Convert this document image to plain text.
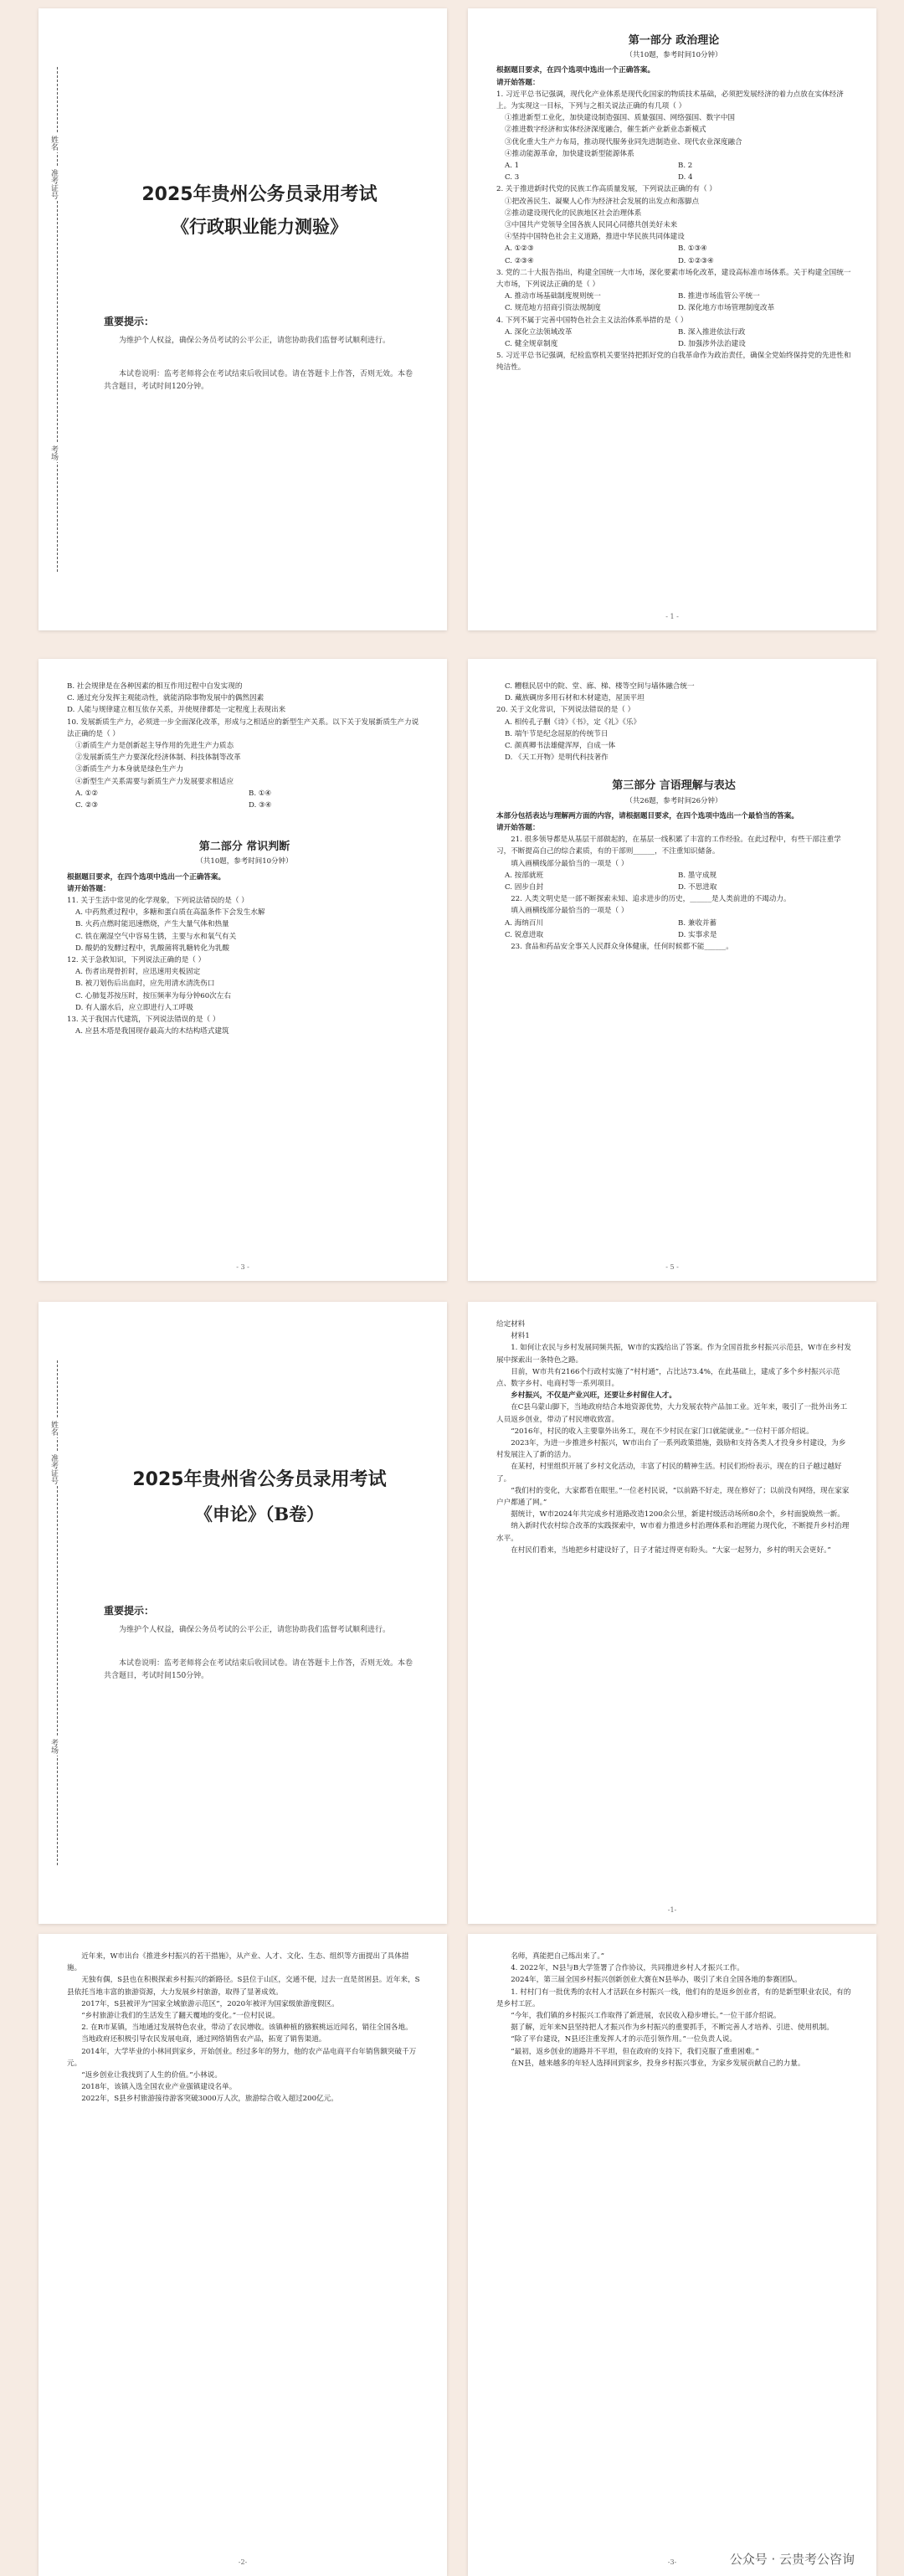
姓名
准考证号
考场
2025年贵州公务员录用考试
《行政职业能力测验》
重要提示：
为维护个人权益，确保公务员考试的公平公正，请您协助我们监督考试顺利进行。
本试卷说明：监考老师将会在考试结束后收回试卷。请在答题卡上作答，否则无效。本卷共含题目，考试时间120分钟。
第一部分 政治理论
（共10题，参考时间10分钟）

根据题目要求，在四个选项中选出一个正确答案。

请开始答题：

1. 习近平总书记强调，现代化产业体系是现代化国家的物质技术基础，必须把发展经济的着力点放在实体经济上。为实现这一目标，下列与之相关说法正确的有几项（ ）

①推进新型工业化，加快建设制造强国、质量强国、网络强国、数字中国

②推进数字经济和实体经济深度融合，催生新产业新业态新模式

③优化重大生产力布局，推动现代服务业同先进制造业、现代农业深度融合

④推动能源革命，加快建设新型能源体系

A. 1	B. 2
C. 3	D. 4

2. 关于推进新时代党的民族工作高质量发展，下列说法正确的有（ ）

①把改善民生、凝聚人心作为经济社会发展的出发点和落脚点

②推动建设现代化的民族地区社会治理体系

③中国共产党领导全国各族人民同心同德共创美好未来

④坚持中国特色社会主义道路，推进中华民族共同体建设

A. ①②③	B. ①③④
C. ②③④	D. ①②③④

3. 党的二十大报告指出，构建全国统一大市场，深化要素市场化改革，建设高标准市场体系。关于构建全国统一大市场，下列说法正确的是（ ）

A. 推动市场基础制度规则统一	B. 推进市场监管公平统一
C. 规范地方招商引资法规制度	D. 深化地方市场管理制度改革

4. 下列不属于完善中国特色社会主义法治体系举措的是（ ）

A. 深化立法领域改革	B. 深入推进依法行政
C. 健全规章制度	D. 加强涉外法治建设

5. 习近平总书记强调，纪检监察机关要坚持把抓好党的自我革命作为政治责任，确保全党始终保持党的先进性和纯洁性。

- 1 -

B. 社会规律是在各种因素的相互作用过程中自发实现的

C. 通过充分发挥主观能动性，就能消除事物发展中的偶然因素

D. 人能与规律建立相互依存关系，并使规律都是一定程度上表现出来

10. 发展新质生产力，必须进一步全面深化改革，形成与之相适应的新型生产关系。以下关于发展新质生产力说法正确的是（ ）

①新质生产力是创新起主导作用的先进生产力质态

②发展新质生产力要深化经济体制、科技体制等改革

③新质生产力本身就是绿色生产力

④新型生产关系需要与新质生产力发展要求相适应

A. ①②	B. ①④
C. ②③	D. ③④
第二部分 常识判断
（共10题，参考时间10分钟）

根据题目要求，在四个选项中选出一个正确答案。

请开始答题：

11. 关于生活中常见的化学现象，下列说法错误的是（ ）

A. 中药熬煮过程中，多糖和蛋白质在高温条件下会发生水解

B. 火药点燃时能迅速燃烧，产生大量气体和热量

C. 铁在潮湿空气中容易生锈，主要与水和氧气有关

D. 酸奶的发酵过程中，乳酸菌将乳糖转化为乳酸

12. 关于急救知识，下列说法正确的是（ ）

A. 伤者出现骨折时，应迅速用夹板固定

B. 被刀划伤后出血时，应先用清水清洗伤口

C. 心肺复苏按压时，按压频率为每分钟60次左右

D. 有人溺水后，应立即进行人工呼吸

13. 关于我国古代建筑，下列说法错误的是（ ）

A. 应县木塔是我国现存最高大的木结构塔式建筑

- 3 -

C. 糟糕民居中的院、堂、廊、梯、楼等空间与墙体融合统一

D. 藏族碉房多用石材和木材建造，屋顶平坦

20. 关于文化常识，下列说法错误的是（ ）

A. 相传孔子删《诗》《书》，定《礼》《乐》

B. 端午节是纪念屈原的传统节日

C. 颜真卿书法雄健浑厚，自成一体

D. 《天工开物》是明代科技著作

第三部分 言语理解与表达
（共26题，参考时间26分钟）

本部分包括表达与理解两方面的内容，请根据题目要求，在四个选项中选出一个最恰当的答案。

请开始答题：

21. 很多领导都是从基层干部做起的，在基层一线积累了丰富的工作经验。在此过程中，有些干部注重学习，不断提高自己的综合素质，有的干部则______，不注重知识储备。

填入画横线部分最恰当的一项是（ ）

A. 按部就班	B. 墨守成规
C. 固步自封	D. 不思进取

22. 人类文明史是一部不断探索未知、追求进步的历史，______是人类前进的不竭动力。

填入画横线部分最恰当的一项是（ ）

A. 海纳百川	B. 兼收并蓄
C. 锐意进取	D. 实事求是

23. 食品和药品安全事关人民群众身体健康，任何时候都不能______。

- 5 -
姓名
准考证号
考场
2025年贵州省公务员录用考试
《申论》（B卷）
重要提示：
为维护个人权益，确保公务员考试的公平公正，请您协助我们监督考试顺利进行。
本试卷说明：监考老师将会在考试结束后收回试卷。请在答题卡上作答，否则无效。本卷共含题目，考试时间150分钟。

给定材料

材料1

1. 如何让农民与乡村发展同频共振，W市的实践给出了答案。作为全国首批乡村振兴示范县，W市在乡村发展中探索出一条特色之路。

目前，W市共有2166个行政村实施了“村村通”，占比达73.4%，在此基础上，建成了多个乡村振兴示范点、数字乡村、电商村等一系列项目。

乡村振兴，不仅是产业兴旺，还要让乡村留住人才。

在C县乌蒙山脚下，当地政府结合本地资源优势，大力发展农特产品加工业。近年来，吸引了一批外出务工人员返乡创业，带动了村民增收致富。

“2016年，村民的收入主要靠外出务工，现在不少村民在家门口就能就业。”一位村干部介绍说。

2023年，为进一步推进乡村振兴，W市出台了一系列政策措施，鼓励和支持各类人才投身乡村建设，为乡村发展注入了新的活力。

在某村，村里组织开展了乡村文化活动，丰富了村民的精神生活。村民们纷纷表示，现在的日子越过越好了。

“我们村的变化，大家都看在眼里。”一位老村民说，“以前路不好走，现在修好了；以前没有网络，现在家家户户都通了网。”

据统计，W市2024年共完成乡村道路改造1200余公里，新建村级活动场所80余个，乡村面貌焕然一新。

纳入新时代农村综合改革的实践探索中，W市着力推进乡村治理体系和治理能力现代化，不断提升乡村治理水平。

在村民们看来，当地把乡村建设好了，日子才能过得更有盼头。“大家一起努力，乡村的明天会更好。”

-1-

近年来，W市出台《推进乡村振兴的若干措施》，从产业、人才、文化、生态、组织等方面提出了具体措施。

无独有偶，S县也在积极探索乡村振兴的新路径。S县位于山区，交通不便，过去一直是贫困县。近年来，S县依托当地丰富的旅游资源，大力发展乡村旅游，取得了显著成效。

2017年，S县被评为“国家全域旅游示范区”，2020年被评为国家级旅游度假区。

“乡村旅游让我们的生活发生了翻天覆地的变化。”一位村民说。

2. 在R市某镇，当地通过发展特色农业，带动了农民增收。该镇种植的猕猴桃远近闻名，销往全国各地。

当地政府还积极引导农民发展电商，通过网络销售农产品，拓宽了销售渠道。

2014年，大学毕业的小林回到家乡，开始创业。经过多年的努力，他的农产品电商平台年销售额突破千万元。

“返乡创业让我找到了人生的价值。”小林说。

2018年，该镇入选全国农业产业强镇建设名单。

2022年，S县乡村旅游接待游客突破3000万人次，旅游综合收入超过200亿元。

-2-

名师，真能把自己练出来了。”

4. 2022年，N县与B大学签署了合作协议，共同推进乡村人才振兴工作。

2024年，第三届全国乡村振兴创新创业大赛在N县举办，吸引了来自全国各地的参赛团队。

1. 村村门有一批优秀的农村人才活跃在乡村振兴一线，他们有的是返乡创业者，有的是新型职业农民，有的是乡村工匠。

“今年，我们镇的乡村振兴工作取得了新进展，农民收入稳步增长。”一位干部介绍说。

据了解，近年来N县坚持把人才振兴作为乡村振兴的重要抓手，不断完善人才培养、引进、使用机制。

“除了平台建设，N县还注重发挥人才的示范引领作用。”一位负责人说。

“最初，返乡创业的道路并不平坦，但在政府的支持下，我们克服了重重困难。”

在N县，越来越多的年轻人选择回到家乡，投身乡村振兴事业，为家乡发展贡献自己的力量。

-3-	公众号 · 云贵考公咨询
